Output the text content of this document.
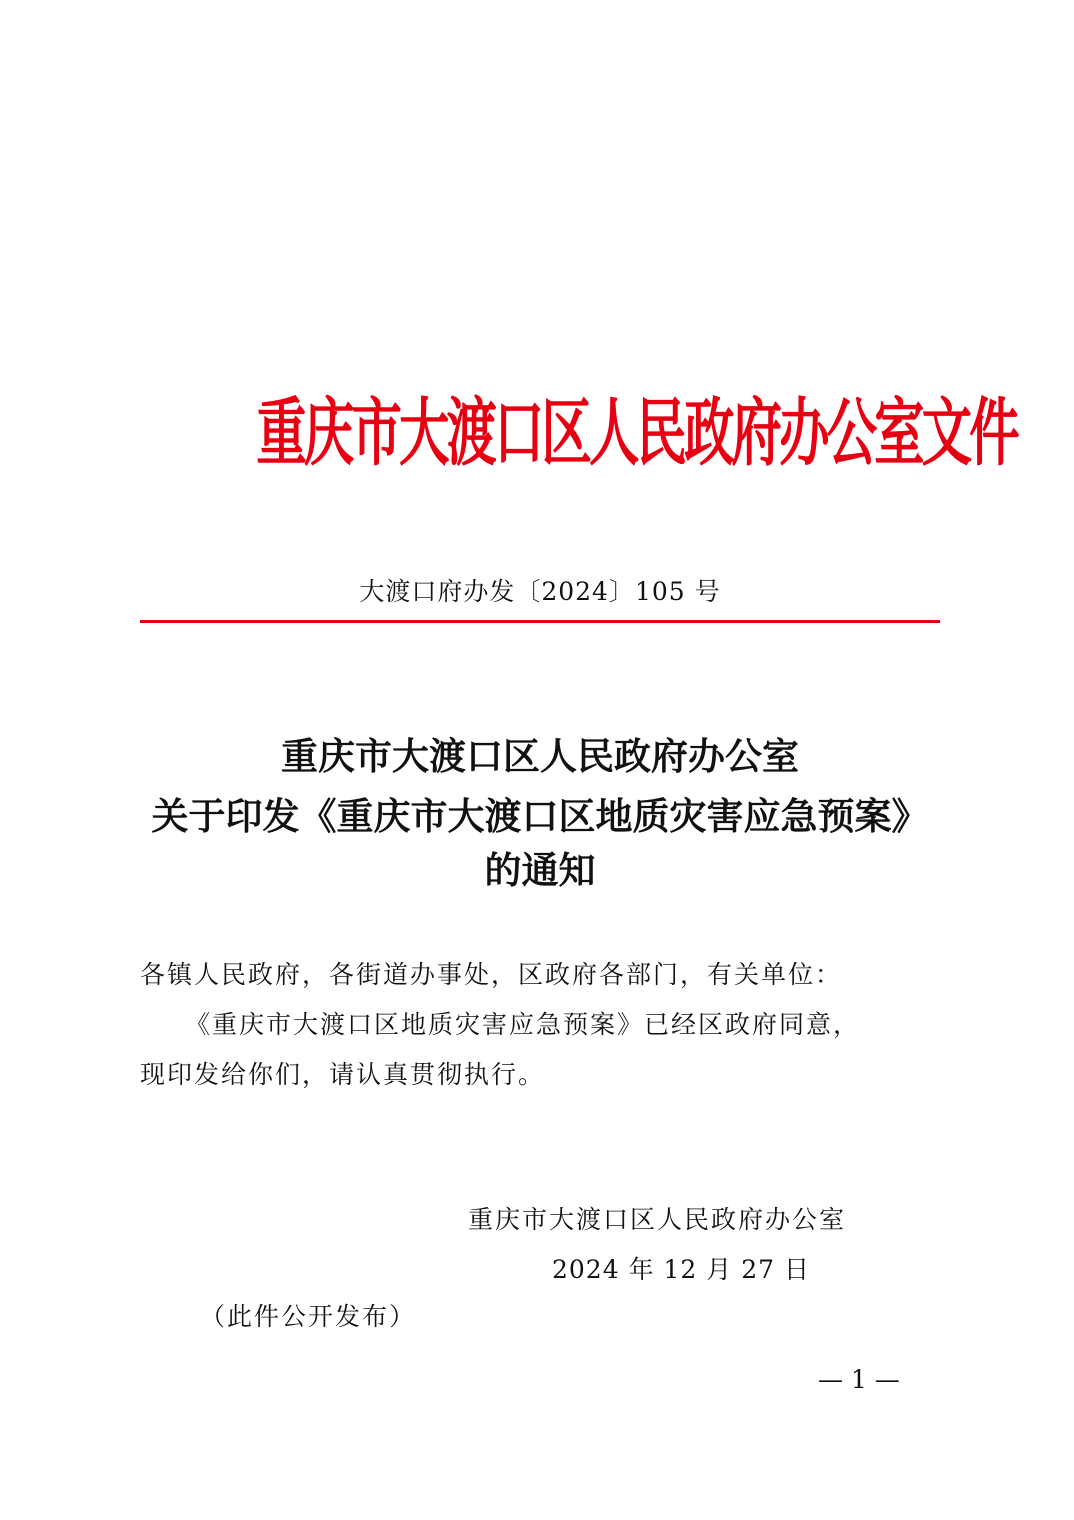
重庆市大渡口区人民政府办公室文件
大渡口府办发〔2024〕105 号
重庆市大渡口区人民政府办公室
关于印发《重庆市大渡口区地质灾害应急预案》
的通知
各镇人民政府，各街道办事处，区政府各部门，有关单位：
《重庆市大渡口区地质灾害应急预案》已经区政府同意，
现印发给你们，请认真贯彻执行。
重庆市大渡口区人民政府办公室
2024 年 12 月 27 日
（此件公开发布）
— 1 —
